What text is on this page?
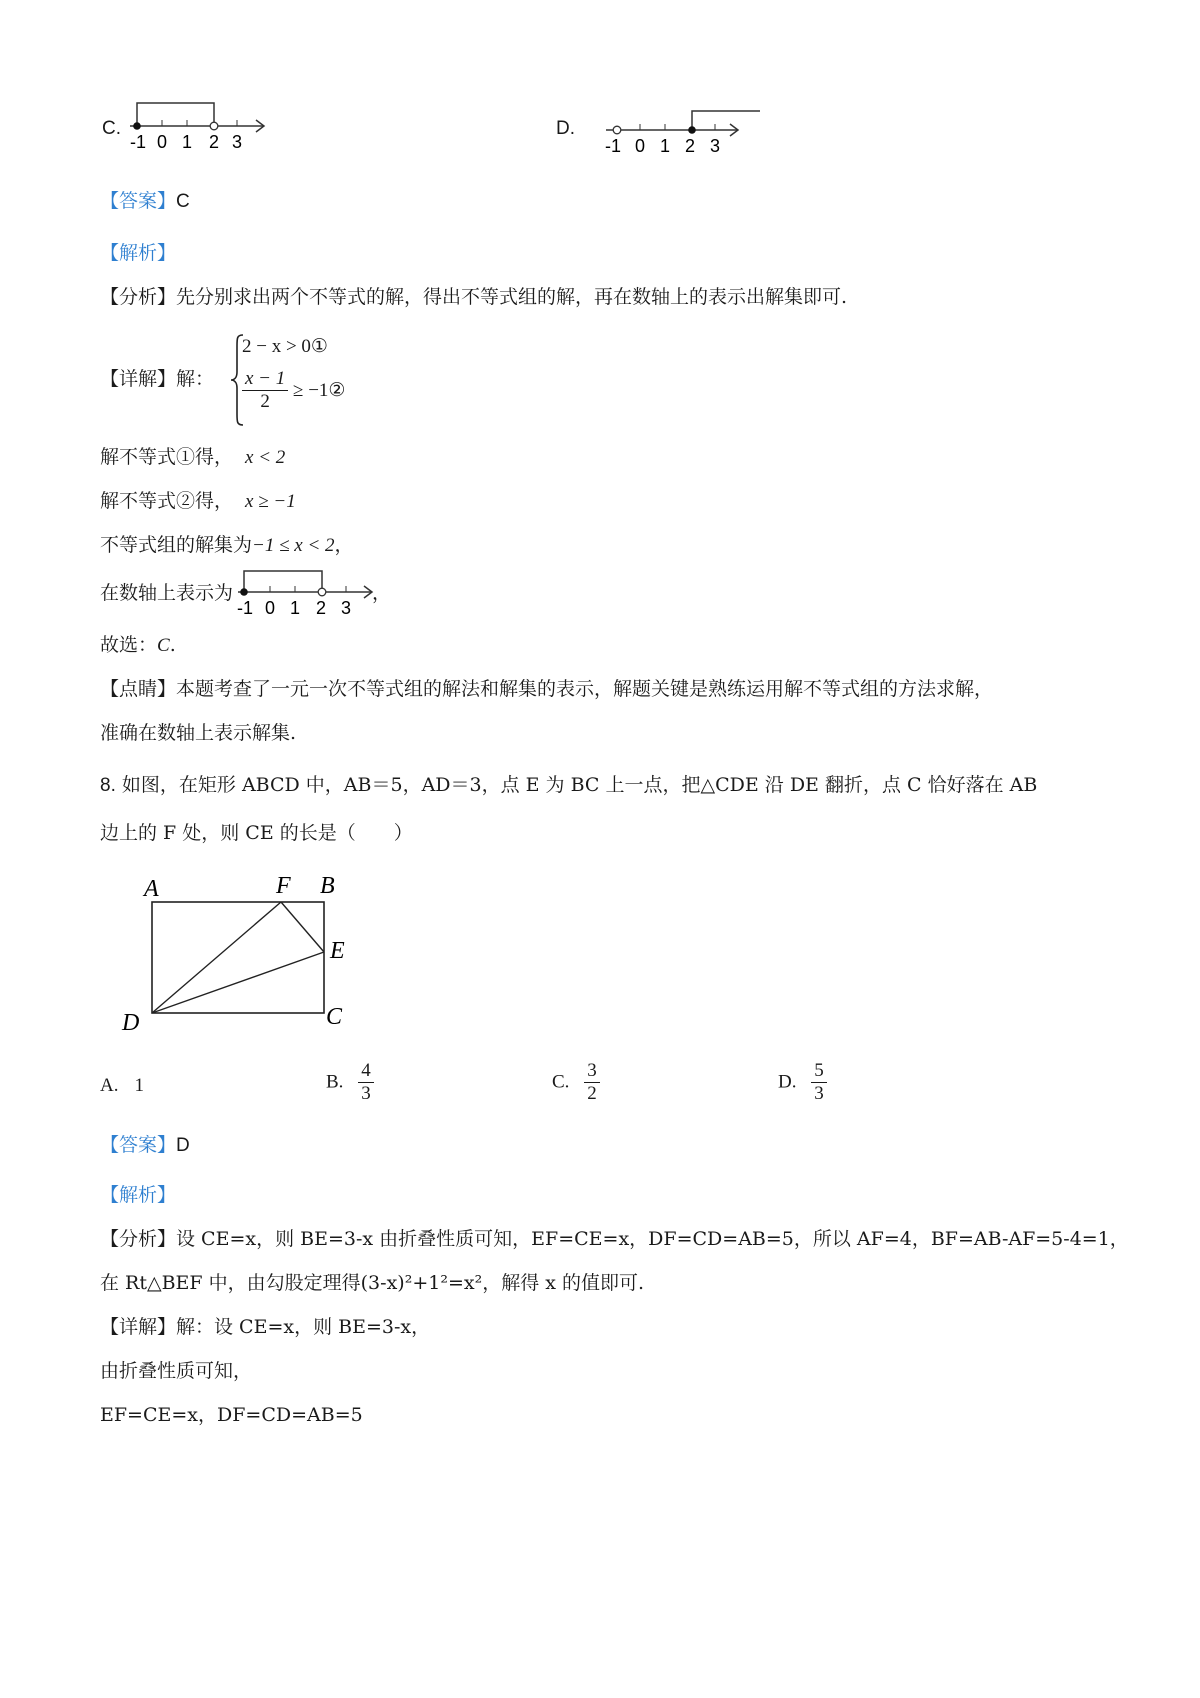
C.
-1 0 1 2 3
D.
-1 0 1 2 3
【答案】C
【解析】
【分析】先分别求出两个不等式的解，得出不等式组的解，再在数轴上的表示出解集即可.
【详解】解：
2 − x > 0①
$\frac{x - 1}{2}$ ≥ −1②
解不等式①得， x < 2
解不等式②得， x ≥ −1
不等式组的解集为−1 ≤ x < 2，
在数轴上表示为
-1 0 1 2 3
，
故选：C.
【点睛】本题考查了一元一次不等式组的解法和解集的表示，解题关键是熟练运用解不等式组的方法求解，
准确在数轴上表示解集.
8. 如图，在矩形 ABCD 中，AB＝5，AD＝3，点 E 为 BC 上一点，把△CDE 沿 DE 翻折，点 C 恰好落在 AB
边上的 F 处，则 CE 的长是（　　）
A	F B
E
D	C
A. 1	B. $\frac{4}{3}$	C. $\frac{3}{2}$	D. $\frac{5}{3}$
【答案】D
【解析】
【分析】设 CE=x，则 BE=3-x 由折叠性质可知，EF=CE=x，DF=CD=AB=5，所以 AF=4，BF=AB-AF=5-4=1，
在 Rt△BEF 中，由勾股定理得(3-x)²+1²=x²，解得 x 的值即可.
【详解】解：设 CE=x，则 BE=3-x，
由折叠性质可知，
EF=CE=x，DF=CD=AB=5
